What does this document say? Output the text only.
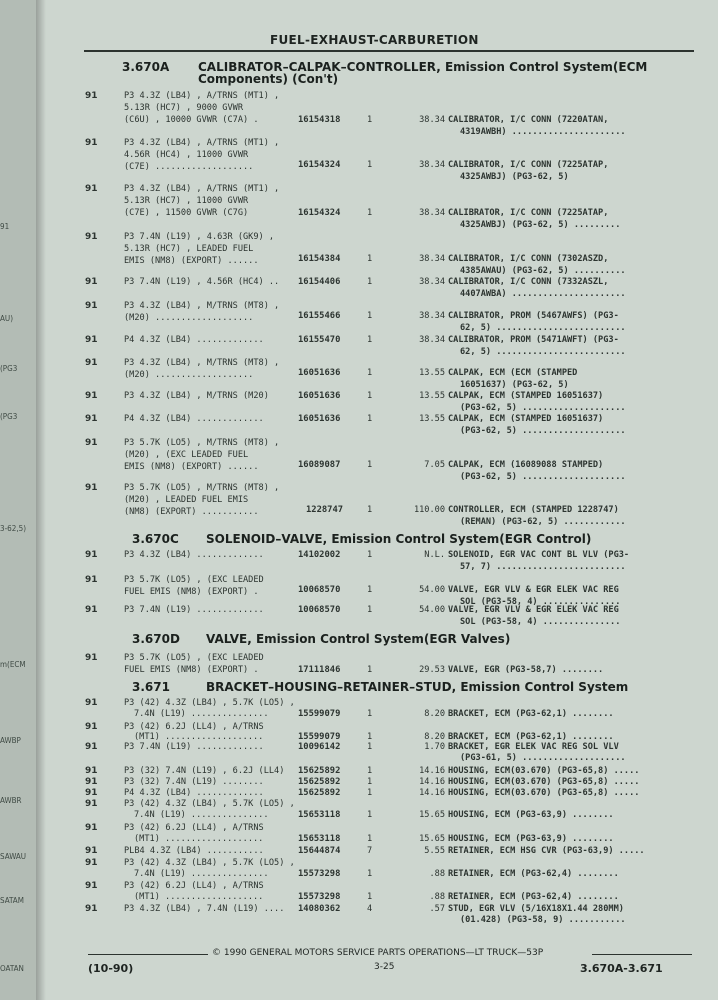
91
AU)
(PG3
(PG3
3-62,5)
m(ECM
AWBP
AWBR
SAWAU
SATAM
OATAN
FUEL-EXHAUST-CARBURETION
3.670A CALIBRATOR–CALPAK–CONTROLLER, Emission Control System(ECM
Components) (Con't)
3.670C SOLENOID–VALVE, Emission Control System(EGR Control)
3.670D VALVE, Emission Control System(EGR Valves)
3.671	BRACKET–HOUSING–RETAINER–STUD, Emission Control System
91	P3 4.3Z (LB4) , A/TRNS (MT1) ,
5.13R (HC7) , 9000 GVWR
(C6U) , 10000 GVWR (C7A) .	16154318	1	38.34 CALIBRATOR, I/C CONN (7220ATAN,
4319AWBH) ......................
91	P3 4.3Z (LB4) , A/TRNS (MT1) ,
4.56R (HC4) , 11000 GVWR
(C7E) ...................	16154324	1	38.34 CALIBRATOR, I/C CONN (7225ATAP,
4325AWBJ) (PG3-62, 5)
91	P3 4.3Z (LB4) , A/TRNS (MT1) ,
5.13R (HC7) , 11000 GVWR
(C7E) , 11500 GVWR (C7G)	16154324	1	38.34 CALIBRATOR, I/C CONN (7225ATAP,
4325AWBJ) (PG3-62, 5) .........
91	P3 7.4N (L19) , 4.63R (GK9) ,
5.13R (HC7) , LEADED FUEL
EMIS (NM8) (EXPORT) ......	16154384	1	38.34 CALIBRATOR, I/C CONN (7302ASZD,
4385AWAU) (PG3-62, 5) ..........
91	P3 7.4N (L19) , 4.56R (HC4) .. 16154406	1	38.34 CALIBRATOR, I/C CONN (7332ASZL,
4407AWBA) ......................
91	P3 4.3Z (LB4) , M/TRNS (MT8) ,
(M20) ...................	16155466	1	38.34 CALIBRATOR, PROM (5467AWFS) (PG3-
62, 5) .........................
91	P4 4.3Z (LB4) .............	16155470	1	38.34 CALIBRATOR, PROM (5471AWFT) (PG3-
62, 5) .........................
91	P3 4.3Z (LB4) , M/TRNS (MT8) ,
(M20) ...................	16051636	1	13.55 CALPAK, ECM (ECM (STAMPED
16051637) (PG3-62, 5)
91	P3 4.3Z (LB4) , M/TRNS (M20)	16051636	1	13.55 CALPAK, ECM (STAMPED 16051637)
(PG3-62, 5) ....................
91	P4 4.3Z (LB4) .............	16051636	1	13.55 CALPAK, ECM (STAMPED 16051637)
(PG3-62, 5) ....................
91	P3 5.7K (LO5) , M/TRNS (MT8) ,
(M20) , (EXC LEADED FUEL
EMIS (NM8) (EXPORT) ......	16089087	1	7.05 CALPAK, ECM (16089088 STAMPED)
(PG3-62, 5) ....................
91	P3 5.7K (LO5) , M/TRNS (MT8) ,
(M20) , LEADED FUEL EMIS
(NM8) (EXPORT) ...........	1228747	1	110.00 CONTROLLER, ECM (STAMPED 1228747)
(REMAN) (PG3-62, 5) ............
91	P3 4.3Z (LB4) .............	14102002	1	N.L. SOLENOID, EGR VAC CONT BL VLV (PG3-
57, 7) .........................
91	P3 5.7K (LO5) , (EXC LEADED
FUEL EMIS (NM8) (EXPORT) .	10068570	1	54.00 VALVE, EGR VLV & EGR ELEK VAC REG
SOL (PG3-58, 4) ...............
91	P3 7.4N (L19) .............	10068570	1	54.00 VALVE, EGR VLV & EGR ELEK VAC REG
SOL (PG3-58, 4) ...............
91	P3 5.7K (LO5) , (EXC LEADED
FUEL EMIS (NM8) (EXPORT) .	17111846	1	29.53 VALVE, EGR (PG3-58,7) ........
91	P3 (42) 4.3Z (LB4) , 5.7K (LO5) ,
7.4N (L19) ...............	15599079	1	8.20 BRACKET, ECM (PG3-62,1) ........
91	P3 (42) 6.2J (LL4) , A/TRNS
(MT1) ...................	15599079	1	8.20 BRACKET, ECM (PG3-62,1) ........
91	P3 7.4N (L19) .............	10096142	1	1.70 BRACKET, EGR ELEK VAC REG SOL VLV
(PG3-61, 5) ....................
91	P3 (32) 7.4N (L19) , 6.2J (LL4) 15625892	1	14.16 HOUSING, ECM(03.670) (PG3-65,8) .....
91	P3 (32) 7.4N (L19) ........	15625892	1	14.16 HOUSING, ECM(03.670) (PG3-65,8) .....
91	P4 4.3Z (LB4) .............	15625892	1	14.16 HOUSING, ECM(03.670) (PG3-65,8) .....
91	P3 (42) 4.3Z (LB4) , 5.7K (LO5) ,
7.4N (L19) ...............	15653118	1	15.65 HOUSING, ECM (PG3-63,9) ........
91	P3 (42) 6.2J (LL4) , A/TRNS
(MT1) ...................	15653118	1	15.65 HOUSING, ECM (PG3-63,9) ........
91	PLB4 4.3Z (LB4) ...........	15644874	7	5.55 RETAINER, ECM HSG CVR (PG3-63,9) .....
91	P3 (42) 4.3Z (LB4) , 5.7K (LO5) ,
7.4N (L19) ...............	15573298	1	.88 RETAINER, ECM (PG3-62,4) ........
91	P3 (42) 6.2J (LL4) , A/TRNS
(MT1) ...................	15573298	1	.88 RETAINER, ECM (PG3-62,4) ........
91	P3 4.3Z (LB4) , 7.4N (L19) .... 14080362	4	.57 STUD, EGR VLV (5/16X18X1.44 280MM)
(01.428) (PG3-58, 9) ...........
© 1990 GENERAL MOTORS SERVICE PARTS OPERATIONS—LT TRUCK—53P
(10-90)	3-25	3.670A-3.671
